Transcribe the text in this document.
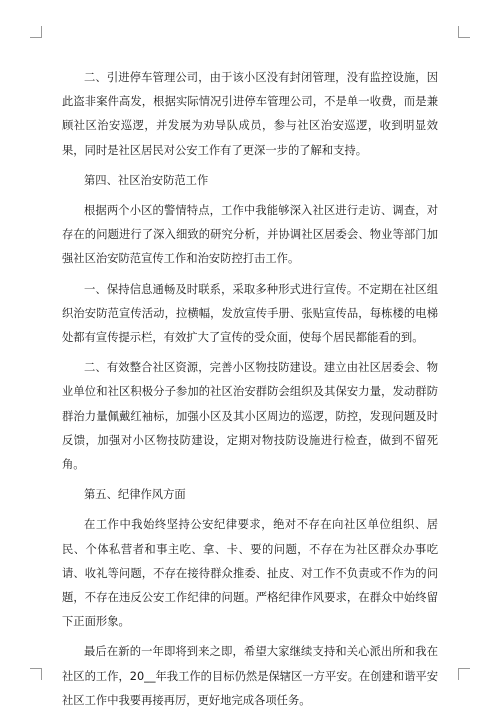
二、引进停车管理公司，由于该小区没有封闭管理，没有监控设施，因此盗非案件高发，根据实际情况引进停车管理公司，不是单一收费，而是兼顾社区治安巡逻，并发展为劝导队成员，参与社区治安巡逻，收到明显效果，同时是社区居民对公安工作有了更深一步的了解和支持。

第四、社区治安防范工作

根据两个小区的警情特点，工作中我能够深入社区进行走访、调查，对存在的问题进行了深入细致的研究分析，并协调社区居委会、物业等部门加强社区治安防范宣传工作和治安防控打击工作。

一、保持信息通畅及时联系，采取多种形式进行宣传。不定期在社区组织治安防范宣传活动，拉横幅，发放宣传手册、张贴宣传品，每栋楼的电梯处都有宣传提示栏，有效扩大了宣传的受众面，使每个居民都能看的到。

二、有效整合社区资源，完善小区物技防建设。建立由社区居委会、物业单位和社区积极分子参加的社区治安群防会组织及其保安力量，发动群防群治力量佩戴红袖标，加强小区及其小区周边的巡逻，防控，发现问题及时反馈，加强对小区物技防建设，定期对物技防设施进行检查，做到不留死角。

第五、纪律作风方面

在工作中我始终坚持公安纪律要求，绝对不存在向社区单位组织、居民、个体私营者和事主吃、拿、卡、要的问题，不存在为社区群众办事吃请、收礼等问题，不存在接待群众推委、扯皮、对工作不负责或不作为的问题，不存在违反公安工作纪律的问题。严格纪律作风要求，在群众中始终留下正面形象。

最后在新的一年即将到来之即，希望大家继续支持和关心派出所和我在社区的工作，20__年我工作的目标仍然是保辖区一方平安。在创建和谐平安社区工作中我要再接再厉，更好地完成各项任务。
